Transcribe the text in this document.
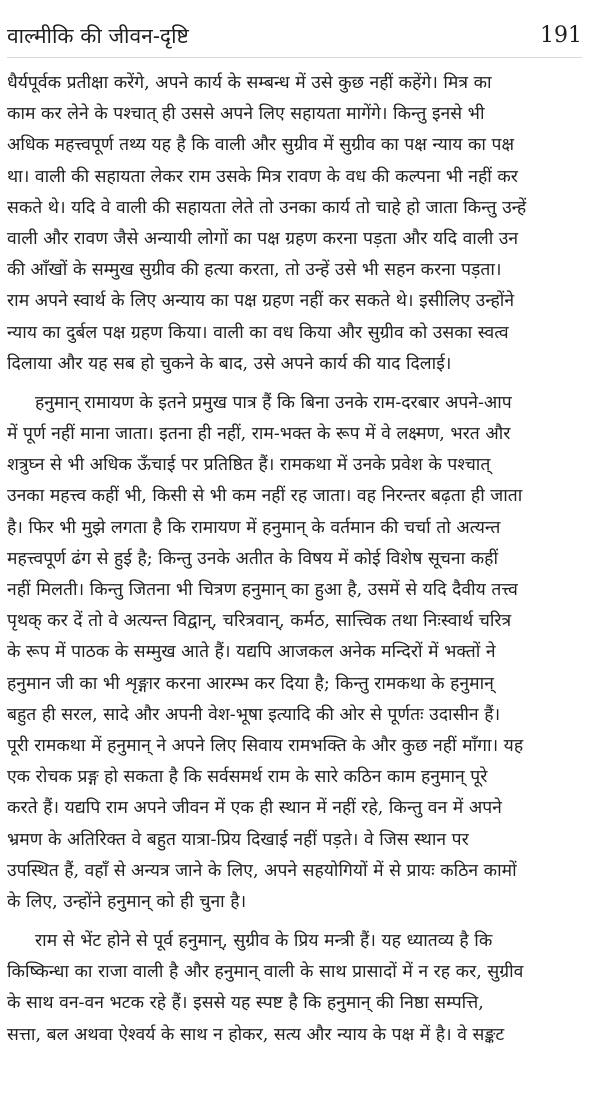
वाल्मीकि की जीवन-दृष्टि	191
धैर्यपूर्वक प्रतीक्षा करेंगे, अपने कार्य के सम्बन्ध में उसे कुछ नहीं कहेंगे। मित्र का
काम कर लेने के पश्चात् ही उससे अपने लिए सहायता मागेंगे। किन्तु इनसे भी
अधिक महत्त्वपूर्ण तथ्य यह है कि वाली और सुग्रीव में सुग्रीव का पक्ष न्याय का पक्ष
था। वाली की सहायता लेकर राम उसके मित्र रावण के वध की कल्पना भी नहीं कर
सकते थे। यदि वे वाली की सहायता लेते तो उनका कार्य तो चाहे हो जाता किन्तु उन्हें
वाली और रावण जैसे अन्यायी लोगों का पक्ष ग्रहण करना पड़ता और यदि वाली उन
की आँखों के सम्मुख सुग्रीव की हत्या करता, तो उन्हें उसे भी सहन करना पड़ता।
राम अपने स्वार्थ के लिए अन्याय का पक्ष ग्रहण नहीं कर सकते थे। इसीलिए उन्होंने
न्याय का दुर्बल पक्ष ग्रहण किया। वाली का वध किया और सुग्रीव को उसका स्वत्व
दिलाया और यह सब हो चुकने के बाद, उसे अपने कार्य की याद दिलाई।
हनुमान् रामायण के इतने प्रमुख पात्र हैं कि बिना उनके राम-दरबार अपने-आप
में पूर्ण नहीं माना जाता। इतना ही नहीं, राम-भक्त के रूप में वे लक्ष्मण, भरत और
शत्रुघ्न से भी अधिक ऊँचाई पर प्रतिष्ठित हैं। रामकथा में उनके प्रवेश के पश्चात्
उनका महत्त्व कहीं भी, किसी से भी कम नहीं रह जाता। वह निरन्तर बढ़ता ही जाता
है। फिर भी मुझे लगता है कि रामायण में हनुमान् के वर्तमान की चर्चा तो अत्यन्त
महत्त्वपूर्ण ढंग से हुई है; किन्तु उनके अतीत के विषय में कोई विशेष सूचना कहीं
नहीं मिलती। किन्तु जितना भी चित्रण हनुमान् का हुआ है, उसमें से यदि दैवीय तत्त्व
पृथक् कर दें तो वे अत्यन्त विद्वान्, चरित्रवान्, कर्मठ, सात्त्विक तथा निःस्वार्थ चरित्र
के रूप में पाठक के सम्मुख आते हैं। यद्यपि आजकल अनेक मन्दिरों में भक्तों ने
हनुमान जी का भी शृङ्गार करना आरम्भ कर दिया है; किन्तु रामकथा के हनुमान्
बहुत ही सरल, सादे और अपनी वेश-भूषा इत्यादि की ओर से पूर्णतः उदासीन हैं।
पूरी रामकथा में हनुमान् ने अपने लिए सिवाय रामभक्ति के और कुछ नहीं माँगा। यह
एक रोचक प्रङ्ग हो सकता है कि सर्वसमर्थ राम के सारे कठिन काम हनुमान् पूरे
करते हैं। यद्यपि राम अपने जीवन में एक ही स्थान में नहीं रहे, किन्तु वन में अपने
भ्रमण के अतिरिक्त वे बहुत यात्रा-प्रिय दिखाई नहीं पड़ते। वे जिस स्थान पर
उपस्थित हैं, वहाँ से अन्यत्र जाने के लिए, अपने सहयोगियों में से प्रायः कठिन कामों
के लिए, उन्होंने हनुमान् को ही चुना है।
राम से भेंट होने से पूर्व हनुमान्, सुग्रीव के प्रिय मन्त्री हैं। यह ध्यातव्य है कि
किष्किन्धा का राजा वाली है और हनुमान् वाली के साथ प्रासादों में न रह कर, सुग्रीव
के साथ वन-वन भटक रहे हैं। इससे यह स्पष्ट है कि हनुमान् की निष्ठा सम्पत्ति,
सत्ता, बल अथवा ऐश्वर्य के साथ न होकर, सत्य और न्याय के पक्ष में है। वे सङ्कट
